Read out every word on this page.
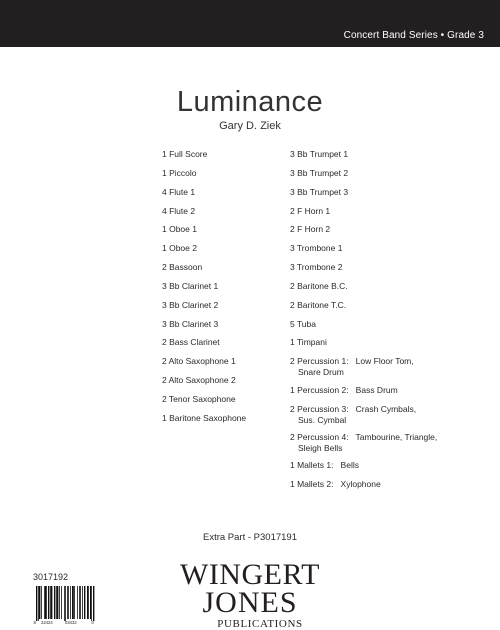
Concert Band Series • Grade 3
Luminance
Gary D. Ziek
1 Full Score
1 Piccolo
4 Flute 1
4 Flute 2
1 Oboe 1
1 Oboe 2
2 Bassoon
3 Bb Clarinet 1
3 Bb Clarinet 2
3 Bb Clarinet 3
2 Bass Clarinet
2 Alto Saxophone 1
2 Alto Saxophone 2
2 Tenor Saxophone
1 Baritone Saxophone
3 Bb Trumpet 1
3 Bb Trumpet 2
3 Bb Trumpet 3
2 F Horn 1
2 F Horn 2
3 Trombone 1
3 Trombone 2
2 Baritone B.C.
2 Baritone T.C.
5 Tuba
1 Timpani
2 Percussion 1:   Low Floor Tom,
Snare Drum
1 Percussion 2:   Bass Drum
2 Percussion 3:   Crash Cymbals,
Sus. Cymbal
2 Percussion 4:   Tambourine, Triangle,
Sleigh Bells
1 Mallets 1:   Bells
1 Mallets 2:   Xylophone
Extra Part - P3017191
3017192
8 22424	03432	0
WINGERT
JONES
PUBLICATIONS
